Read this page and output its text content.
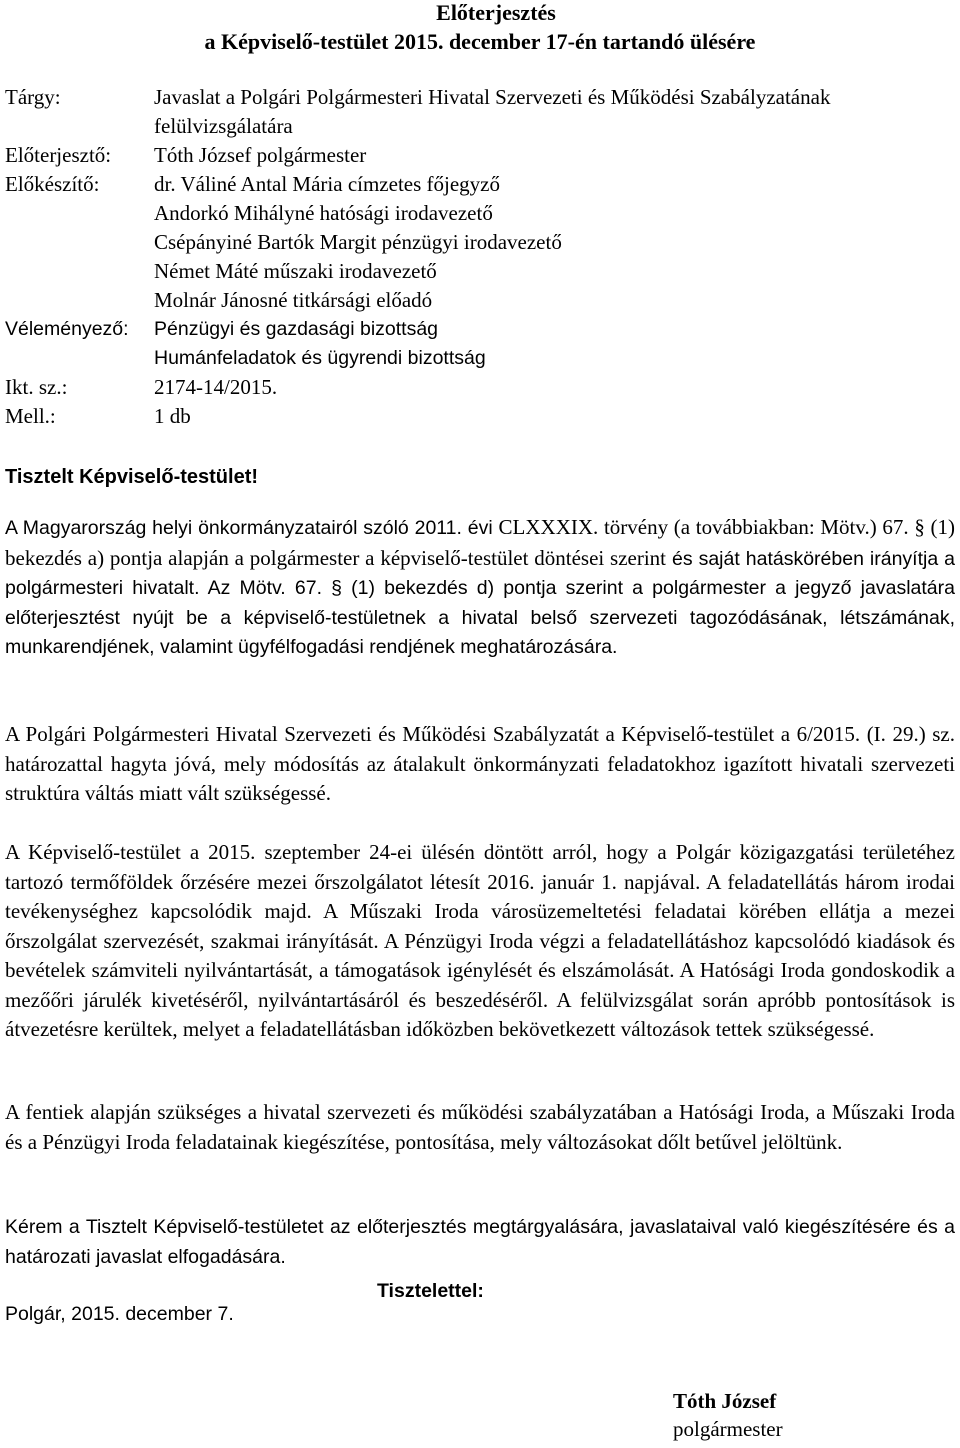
Előterjesztés
a Képviselő-testület 2015. december 17-én tartandó ülésére
Tárgy:	Javaslat a Polgári Polgármesteri Hivatal Szervezeti és Működési Szabályzatának
felülvizsgálatára
Előterjesztő: Tóth József polgármester
Előkészítő:	dr. Váliné Antal Mária címzetes főjegyző
Andorkó Mihályné hatósági irodavezető
Csépányiné Bartók Margit pénzügyi irodavezető
Német Máté műszaki irodavezető
Molnár Jánosné titkársági előadó
Véleményező: Pénzügyi és gazdasági bizottság
Humánfeladatok és ügyrendi bizottság
Ikt. sz.:	2174-14/2015.
Mell.:	1 db
Tisztelt Képviselő-testület!
A Magyarország helyi önkormányzatairól szóló 2011. évi CLXXXIX. törvény (a továbbiakban: Mötv.) 67. § (1) bekezdés a) pontja alapján a polgármester a képviselő-testület döntései szerint és saját hatáskörében irányítja a polgármesteri hivatalt. Az Mötv. 67. § (1) bekezdés d) pontja szerint a polgármester a jegyző javaslatára előterjesztést nyújt be a képviselő-testületnek a hivatal belső szervezeti tagozódásának, létszámának, munkarendjének, valamint ügyfélfogadási rendjének meghatározására.
A Polgári Polgármesteri Hivatal Szervezeti és Működési Szabályzatát a Képviselő-testület a 6/2015. (I. 29.) sz. határozattal hagyta jóvá, mely módosítás az átalakult önkormányzati feladatokhoz igazított hivatali szervezeti struktúra váltás miatt vált szükségessé.
A Képviselő-testület a 2015. szeptember 24-ei ülésén döntött arról, hogy a Polgár közigazgatási területéhez tartozó termőföldek őrzésére mezei őrszolgálatot létesít 2016. január 1. napjával. A feladatellátás három irodai tevékenységhez kapcsolódik majd. A Műszaki Iroda városüzemeltetési feladatai körében ellátja a mezei őrszolgálat szervezését, szakmai irányítását. A Pénzügyi Iroda végzi a feladatellátáshoz kapcsolódó kiadások és bevételek számviteli nyilvántartását, a támogatások igénylését és elszámolását. A Hatósági Iroda gondoskodik a mezőőri járulék kivetéséről, nyilvántartásáról és beszedéséről. A felülvizsgálat során apróbb pontosítások is átvezetésre kerültek, melyet a feladatellátásban időközben bekövetkezett változások tettek szükségessé.
A fentiek alapján szükséges a hivatal szervezeti és működési szabályzatában a Hatósági Iroda, a Műszaki Iroda és a Pénzügyi Iroda feladatainak kiegészítése, pontosítása, mely változásokat dőlt betűvel jelöltünk.
Kérem a Tisztelt Képviselő-testületet az előterjesztés megtárgyalására, javaslataival való kiegészítésére és a határozati javaslat elfogadására.
Polgár, 2015. december 7.
Tisztelettel:
Tóth József
polgármester
